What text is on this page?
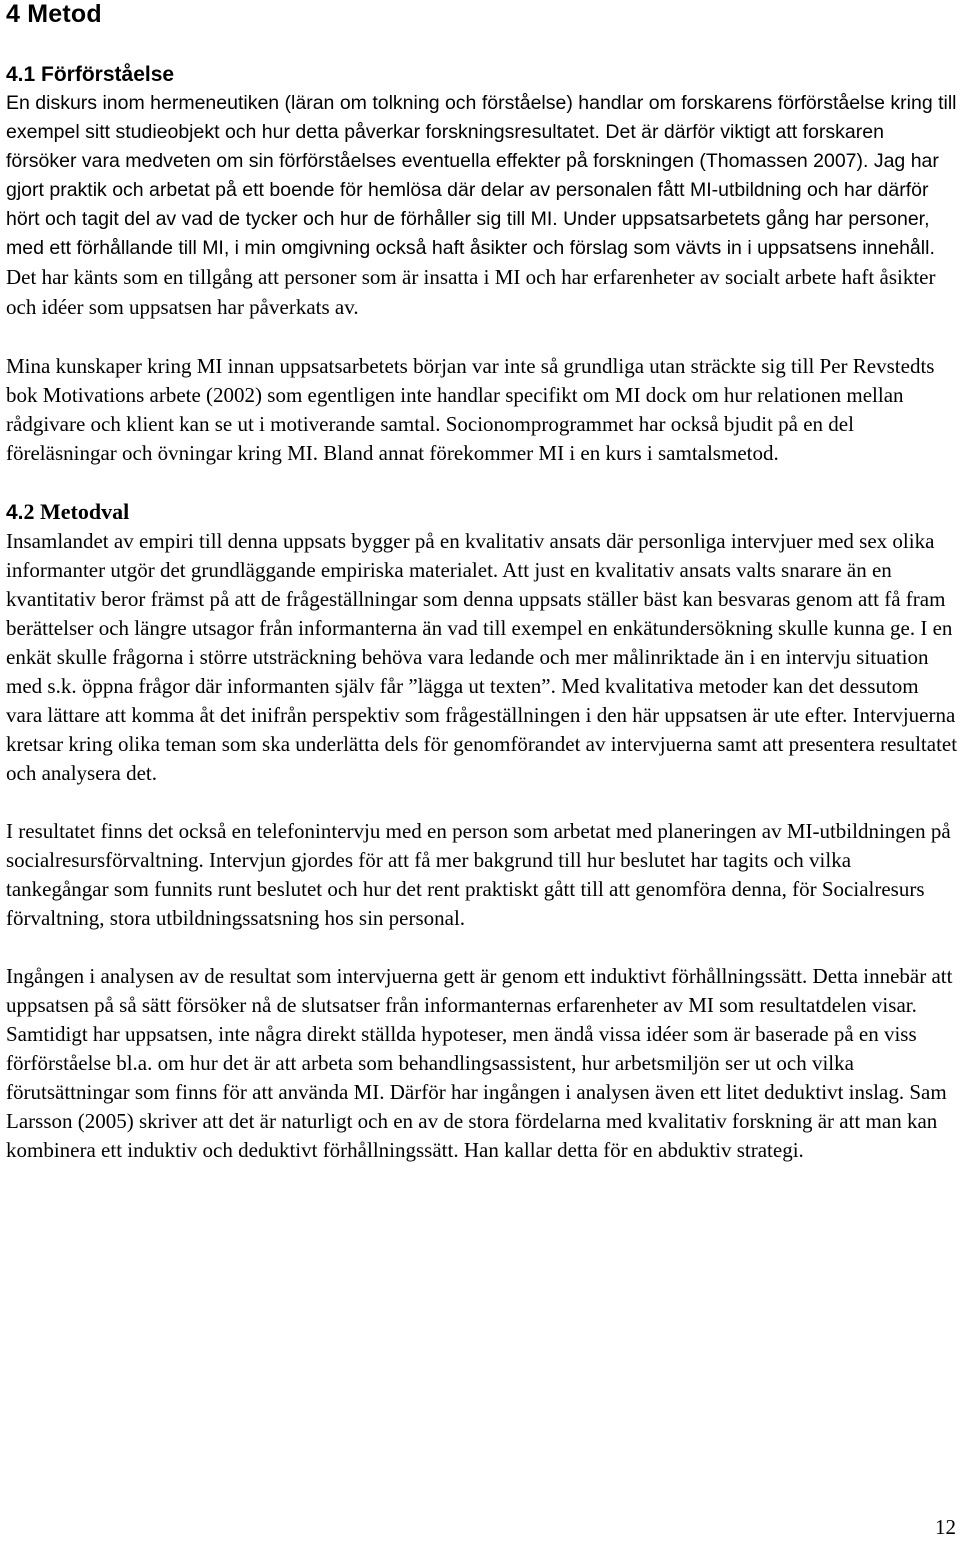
4 Metod
4.1 Förförståelse

En diskurs inom hermeneutiken (läran om tolkning och förståelse) handlar om forskarens förförståelse kring till exempel sitt studieobjekt och hur detta påverkar forskningsresultatet. Det är därför viktigt att forskaren försöker vara medveten om sin förförståelses eventuella effekter på forskningen (Thomassen 2007). Jag har gjort praktik och arbetat på ett boende för hemlösa där delar av personalen fått MI-utbildning och har därför hört och tagit del av vad de tycker och hur de förhåller sig till MI. Under uppsatsarbetets gång har personer, med ett förhållande till MI, i min omgivning också haft åsikter och förslag som vävts in i uppsatsens innehåll. Det har känts som en tillgång att personer som är insatta i MI och har erfarenheter av socialt arbete haft åsikter och idéer som uppsatsen har påverkats av.

Mina kunskaper kring MI innan uppsatsarbetets början var inte så grundliga utan sträckte sig till Per Revstedts bok Motivations arbete (2002) som egentligen inte handlar specifikt om MI dock om hur relationen mellan rådgivare och klient kan se ut i motiverande samtal. Socionomprogrammet har också bjudit på en del föreläsningar och övningar kring MI. Bland annat förekommer MI i en kurs i samtalsmetod.

4.2 Metodval

Insamlandet av empiri till denna uppsats bygger på en kvalitativ ansats där personliga intervjuer med sex olika informanter utgör det grundläggande empiriska materialet. Att just en kvalitativ ansats valts snarare än en kvantitativ beror främst på att de frågeställningar som denna uppsats ställer bäst kan besvaras genom att få fram berättelser och längre utsagor från informanterna än vad till exempel en enkätundersökning skulle kunna ge. I en enkät skulle frågorna i större utsträckning behöva vara ledande och mer målinriktade än i en intervju situation med s.k. öppna frågor där informanten själv får ”lägga ut texten”. Med kvalitativa metoder kan det dessutom vara lättare att komma åt det inifrån perspektiv som frågeställningen i den här uppsatsen är ute efter. Intervjuerna kretsar kring olika teman som ska underlätta dels för genomförandet av intervjuerna samt att presentera resultatet och analysera det.

I resultatet finns det också en telefonintervju med en person som arbetat med planeringen av MI-utbildningen på socialresursförvaltning. Intervjun gjordes för att få mer bakgrund till hur beslutet har tagits och vilka tankegångar som funnits runt beslutet och hur det rent praktiskt gått till att genomföra denna, för Socialresurs förvaltning, stora utbildningssatsning hos sin personal.

Ingången i analysen av de resultat som intervjuerna gett är genom ett induktivt förhållningssätt. Detta innebär att uppsatsen på så sätt försöker nå de slutsatser från informanternas erfarenheter av MI som resultatdelen visar. Samtidigt har uppsatsen, inte några direkt ställda hypoteser, men ändå vissa idéer som är baserade på en viss förförståelse bl.a. om hur det är att arbeta som behandlingsassistent, hur arbetsmiljön ser ut och vilka förutsättningar som finns för att använda MI. Därför har ingången i analysen även ett litet deduktivt inslag. Sam Larsson (2005) skriver att det är naturligt och en av de stora fördelarna med kvalitativ forskning är att man kan kombinera ett induktiv och deduktivt förhållningssätt. Han kallar detta för en abduktiv strategi.

12
